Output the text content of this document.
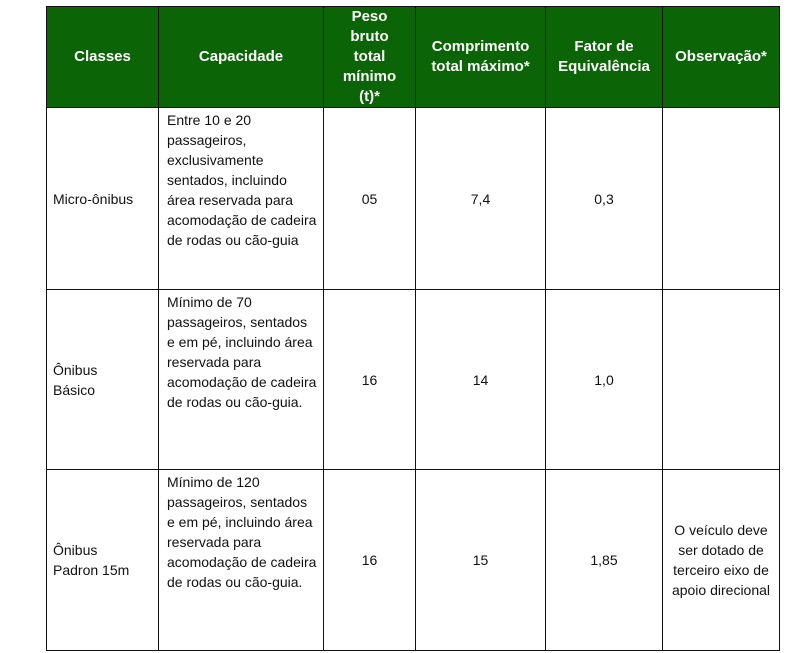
Classes	Capacidade	Peso bruto total mínimo (t)*	Comprimento total máximo*	Fator de Equivalência	Observação*
Micro-ônibus	Entre 10 e 20 passageiros, exclusivamente sentados, incluindo área reservada para acomodação de cadeira de rodas ou cão-guia	05	7,4	0,3	
Ônibus Básico	Mínimo de 70 passageiros, sentados e em pé, incluindo área reservada para acomodação de cadeira de rodas ou cão-guia.	16	14	1,0	
Ônibus Padron 15m	Mínimo de 120 passageiros, sentados e em pé, incluindo área reservada para acomodação de cadeira de rodas ou cão-guia.	16	15	1,85	O veículo deve ser dotado de terceiro eixo de apoio direcional
